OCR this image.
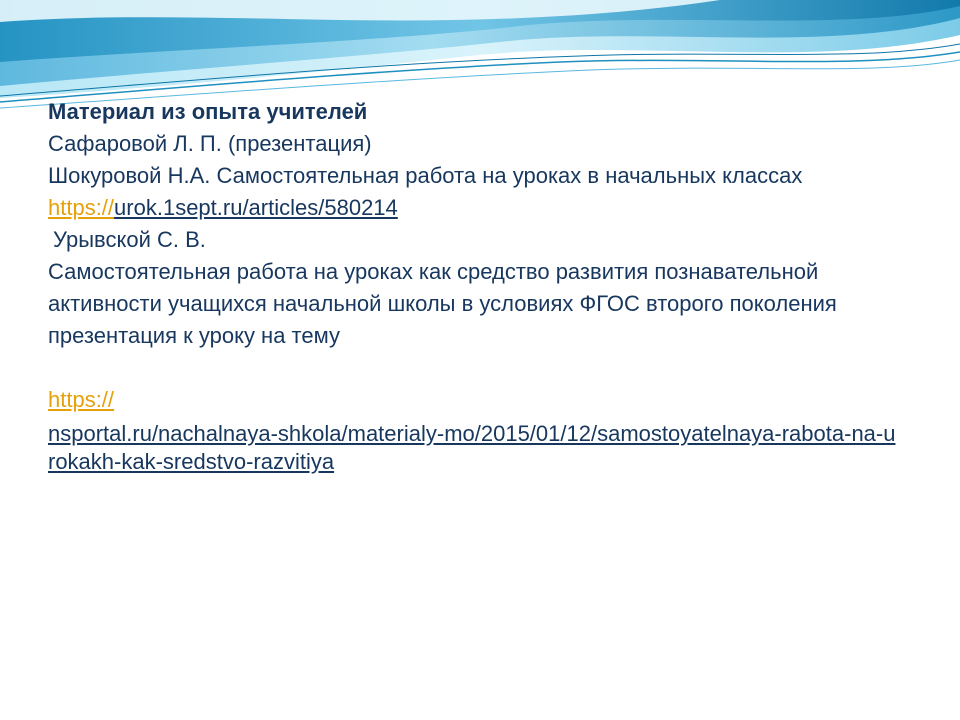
Материал из опыта учителей
Сафаровой Л. П. (презентация)
Шокуровой Н.А. Самостоятельная работа на уроках в начальных классах
https://urok.1sept.ru/articles/580214
Урывской С. В.
Самостоятельная работа на уроках как средство развития познавательной активности учащихся начальной школы в условиях ФГОС второго поколения
презентация к уроку на тему
https://
nsportal.ru/nachalnaya-shkola/materialy-mo/2015/01/12/samostoyatelnaya-rabota-na-urokakh-kak-sredstvo-razvitiya
